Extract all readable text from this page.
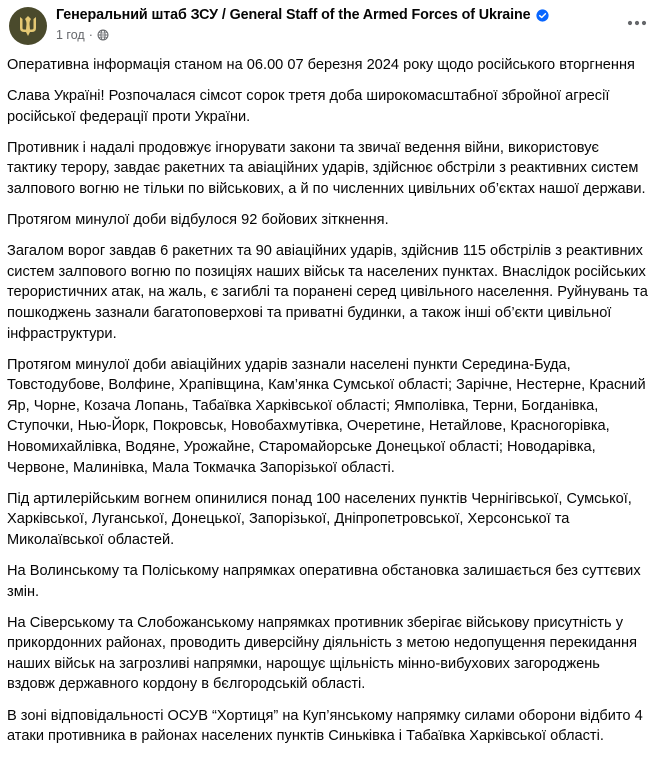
Генеральний штаб ЗСУ / General Staff of the Armed Forces of Ukraine
1 год ·

Оперативна інформація станом на 06.00 07 березня 2024 року щодо російського вторгнення

Слава Україні! Розпочалася сімсот сорок третя доба широкомасштабної збройної агресії російської федерації проти України.

Противник і надалі продовжує ігнорувати закони та звичаї ведення війни, використовує тактику терору, завдає ракетних та авіаційних ударів, здійснює обстріли з реактивних систем залпового вогню не тільки по військових, а й по численних цивільних об’єктах нашої держави.

Протягом минулої доби відбулося 92 бойових зіткнення.

Загалом ворог завдав 6 ракетних та 90 авіаційних ударів, здійснив 115 обстрілів з реактивних систем залпового вогню по позиціях наших військ та населених пунктах. Внаслідок російських терористичних атак, на жаль, є загиблі та поранені серед цивільного населення. Руйнувань та пошкоджень зазнали багатоповерхові та приватні будинки, а також інші об’єкти цивільної інфраструктури.

Протягом минулої доби авіаційних ударів зазнали населені пункти Середина-Буда, Товстодубове, Волфине, Храпівщина, Кам’янка Сумської області; Зарічне, Нестерне, Красний Яр, Чорне, Козача Лопань, Табаївка Харківської області; Ямполівка, Терни, Богданівка, Ступочки, Нью-Йорк, Покровськ, Новобахмутівка, Очеретине, Нетайлове, Красногорівка, Новомихайлівка, Водяне, Урожайне, Старомайорське Донецької області; Новодарівка, Червоне, Малинівка, Мала Токмачка Запорізької області.

Під артилерійським вогнем опинилися понад 100 населених пунктів Чернігівської, Сумської, Харківської, Луганської, Донецької, Запорізької, Дніпропетровської, Херсонської та Миколаївської областей.

На Волинському та Поліському напрямках оперативна обстановка залишається без суттєвих змін.

На Сіверському та Слобожанському напрямках противник зберігає військову присутність у прикордонних районах, проводить диверсійну діяльність з метою недопущення перекидання наших військ на загрозливі напрямки, нарощує щільність мінно-вибухових загороджень вздовж державного кордону в бєлгородській області.

В зоні відповідальності ОСУВ “Хортиця” на Куп’янському напрямку силами оборони відбито 4 атаки противника в районах населених пунктів Синьківка і Табаївка Харківської області.
